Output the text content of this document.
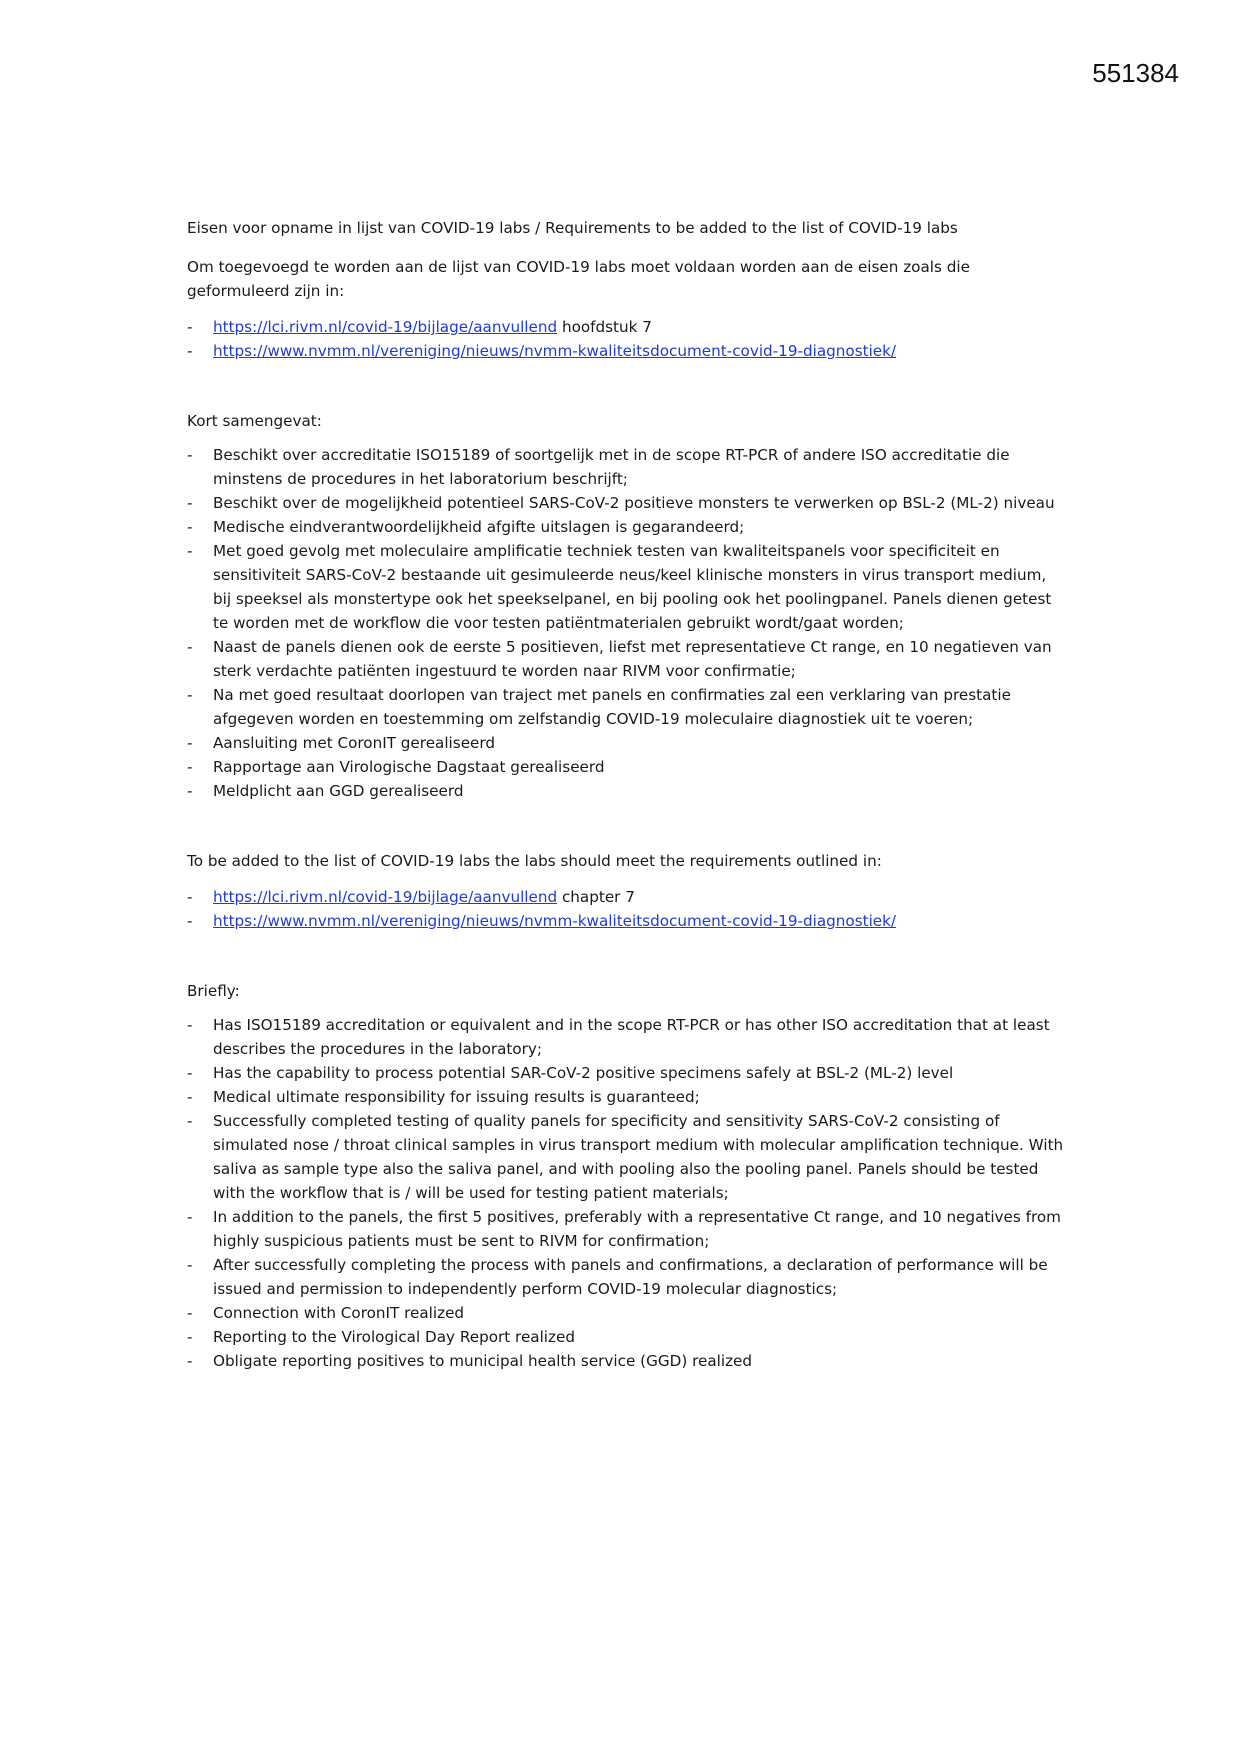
551384

Eisen voor opname in lijst van COVID-19 labs / Requirements to be added to the list of COVID-19 labs

Om toegevoegd te worden aan de lijst van COVID-19 labs moet voldaan worden aan de eisen zoals die geformuleerd zijn in:

- https://lci.rivm.nl/covid-19/bijlage/aanvullend hoofdstuk 7
- https://www.nvmm.nl/vereniging/nieuws/nvmm-kwaliteitsdocument-covid-19-diagnostiek/

Kort samengevat:

- Beschikt over accreditatie ISO15189 of soortgelijk met in de scope RT-PCR of andere ISO accreditatie die minstens de procedures in het laboratorium beschrijft;
- Beschikt over de mogelijkheid potentieel SARS-CoV-2 positieve monsters te verwerken op BSL-2 (ML-2) niveau
- Medische eindverantwoordelijkheid afgifte uitslagen is gegarandeerd;
- Met goed gevolg met moleculaire amplificatie techniek testen van kwaliteitspanels voor specificiteit en sensitiviteit SARS-CoV-2 bestaande uit gesimuleerde neus/keel klinische monsters in virus transport medium, bij speeksel als monstertype ook het speekselpanel, en bij pooling ook het poolingpanel. Panels dienen getest te worden met de workflow die voor testen patiëntmaterialen gebruikt wordt/gaat worden;
- Naast de panels dienen ook de eerste 5 positieven, liefst met representatieve Ct range, en 10 negatieven van sterk verdachte patiënten ingestuurd te worden naar RIVM voor confirmatie;
- Na met goed resultaat doorlopen van traject met panels en confirmaties zal een verklaring van prestatie afgegeven worden en toestemming om zelfstandig COVID-19 moleculaire diagnostiek uit te voeren;
- Aansluiting met CoronIT gerealiseerd
- Rapportage aan Virologische Dagstaat gerealiseerd
- Meldplicht aan GGD gerealiseerd

To be added to the list of COVID-19 labs the labs should meet the requirements outlined in:

- https://lci.rivm.nl/covid-19/bijlage/aanvullend chapter 7
- https://www.nvmm.nl/vereniging/nieuws/nvmm-kwaliteitsdocument-covid-19-diagnostiek/

Briefly:

- Has ISO15189 accreditation or equivalent and in the scope RT-PCR or has other ISO accreditation that at least describes the procedures in the laboratory;
- Has the capability to process potential SAR-CoV-2 positive specimens safely at BSL-2 (ML-2) level
- Medical ultimate responsibility for issuing results is guaranteed;
- Successfully completed testing of quality panels for specificity and sensitivity SARS-CoV-2 consisting of simulated nose / throat clinical samples in virus transport medium with molecular amplification technique. With saliva as sample type also the saliva panel, and with pooling also the pooling panel. Panels should be tested with the workflow that is / will be used for testing patient materials;
- In addition to the panels, the first 5 positives, preferably with a representative Ct range, and 10 negatives from highly suspicious patients must be sent to RIVM for confirmation;
- After successfully completing the process with panels and confirmations, a declaration of performance will be issued and permission to independently perform COVID-19 molecular diagnostics;
- Connection with CoronIT realized
- Reporting to the Virological Day Report realized
- Obligate reporting positives to municipal health service (GGD) realized
